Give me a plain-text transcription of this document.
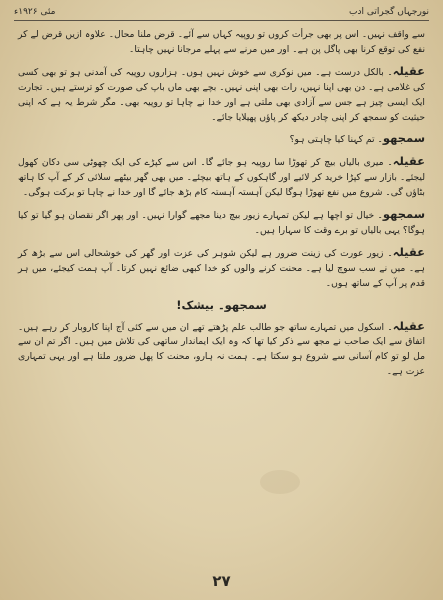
مئی ۱۹۲۶ء	نورجہاں گجراتی ادب

سے واقف نہیں۔ اس پر بھی جرأت کروں تو روپیہ کہاں سے آئے۔ قرض ملنا محال۔ علاوہ ازیں قرض لے کر نفع کی توقع کرنا بھی پاگل پن ہے۔ اور میں مرنے سے پہلے مرجانا نہیں چاہتا۔

عقیلہ۔ بالکل درست ہے۔ میں نوکری سے خوش نہیں ہوں۔ ہزاروں روپیہ کی آمدنی ہو تو بھی کسی کی غلامی ہے۔ دن بھی اپنا نہیں، رات بھی اپنی نہیں۔ بچے بھی ماں باپ کی صورت کو ترستے ہیں۔ تجارت ایک ایسی چیز ہے جس سے آزادی بھی ملتی ہے اور خدا نے چاہا تو روپیہ بھی۔ مگر شرط یہ ہے کہ اپنی حیثیت کو سمجھ کر اپنی چادر دیکھ کر پاؤں پھیلایا جائے۔

سمجھو۔ تم کہنا کیا چاہتی ہو؟

عقیلہ۔ میری بالیاں بیچ کر تھوڑا سا روپیہ ہو جائے گا۔ اس سے کپڑے کی ایک چھوٹی سی دکان کھول لیجئے۔ بازار سے کپڑا خرید کر لائیے اور گاہکوں کے ہاتھ بیچئے۔ میں بھی گھر بیٹھے سلائی کر کے آپ کا ہاتھ بٹاؤں گی۔ شروع میں نفع تھوڑا ہوگا لیکن آہستہ آہستہ کام بڑھ جائے گا اور خدا نے چاہا تو برکت ہوگی۔

سمجھو۔ خیال تو اچھا ہے لیکن تمہارے زیور بیچ دینا مجھے گوارا نہیں۔ اور پھر اگر نقصان ہو گیا تو کیا ہوگا؟ یہی بالیاں تو برے وقت کا سہارا ہیں۔

عقیلہ۔ زیور عورت کی زینت ضرور ہے لیکن شوہر کی عزت اور گھر کی خوشحالی اس سے بڑھ کر ہے۔ میں نے سب سوچ لیا ہے۔ محنت کرنے والوں کو خدا کبھی ضائع نہیں کرتا۔ آپ ہمت کیجئے، میں ہر قدم پر آپ کے ساتھ ہوں۔

سمجھو۔ بیشک!

عقیلہ۔ اسکول میں تمہارے ساتھ جو طالب علم پڑھتے تھے ان میں سے کئی آج اپنا کاروبار کر رہے ہیں۔ اتفاق سے ایک صاحب نے مجھ سے ذکر کیا تھا کہ وہ ایک ایماندار ساتھی کی تلاش میں ہیں۔ اگر تم ان سے مل لو تو کام آسانی سے شروع ہو سکتا ہے۔ ہمت نہ ہارو، محنت کا پھل ضرور ملتا ہے اور یہی تمہاری عزت ہے۔

۲۷
